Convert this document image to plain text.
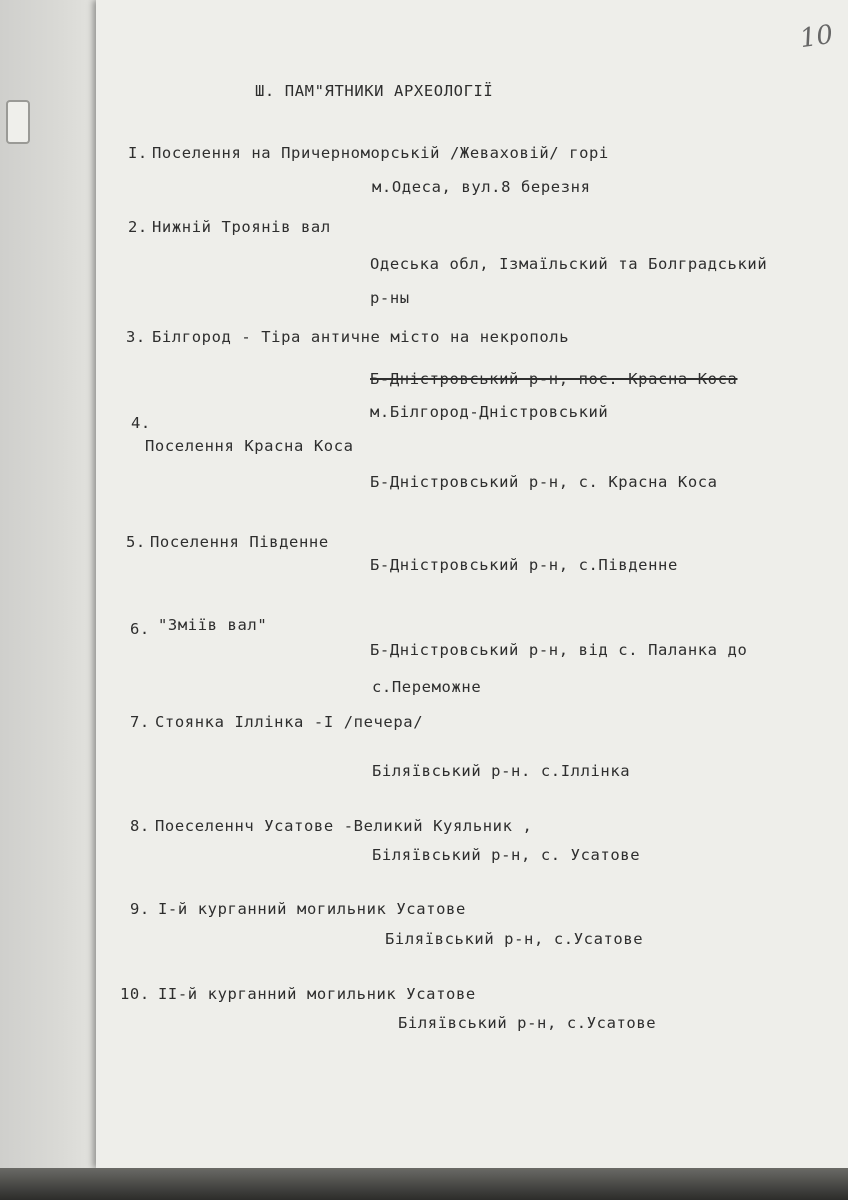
10
Ш. ПАМ"ЯТНИКИ АРХЕОЛОГІЇ
I. Поселення на Причерноморській /Жеваховій/ горі
м.Одеса, вул.8 березня
2. Нижній Троянів вал
Одеська обл, Ізмаїльский та Болградський
р-ны
3. Білгород - Тіра античне місто на некрополь
Б-Дністровський р-н, пос. Красна Коса
м.Білгород-Дністровський
4.
Поселення Красна Коса
Б-Дністровський р-н, с. Красна Коса
5. Поселення Південне
Б-Дністровський р-н, с.Південне
6. "Зміїв вал"
Б-Дністровський р-н, від с. Паланка до
с.Переможне
7. Стоянка Іллінка -I /печера/
Біляївський р-н. с.Іллінка
8. Поеселеннч Усатове -Великий Куяльник ,
Біляївський р-н, с. Усатове
9. I-й курганний могильник Усатове
Біляївський р-н, с.Усатове
10. II-й курганний могильник Усатове
Біляївський р-н, с.Усатове
